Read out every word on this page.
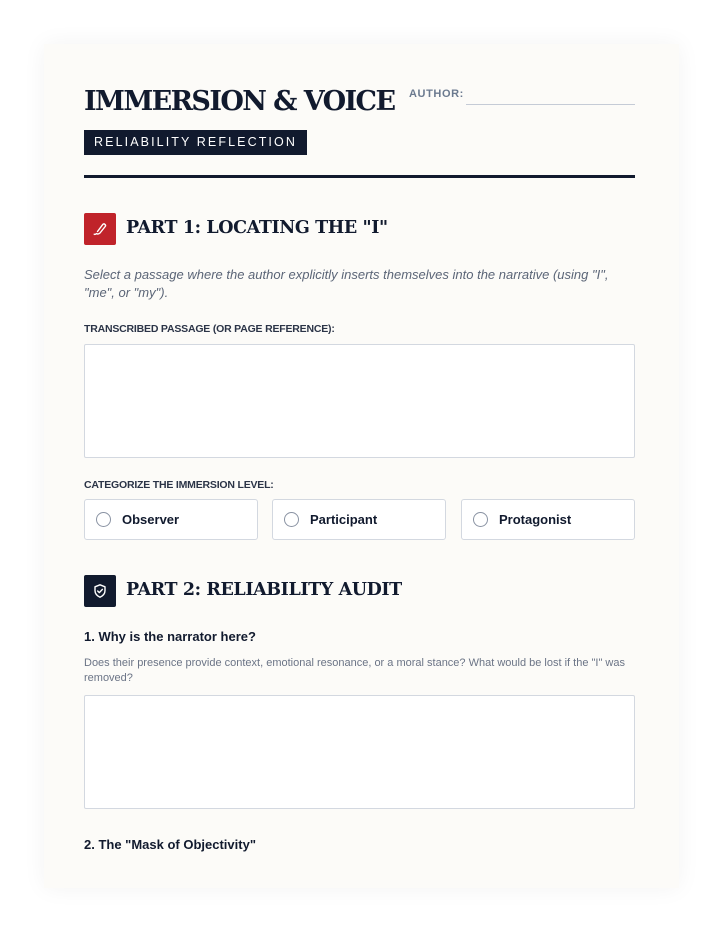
IMMERSION & VOICE AUTHOR:
RELIABILITY REFLECTION
PART 1: LOCATING THE "I"
Select a passage where the author explicitly inserts themselves into the narrative (using "I", "me", or "my").
TRANSCRIBED PASSAGE (OR PAGE REFERENCE):
CATEGORIZE THE IMMERSION LEVEL:
Observer	Participant	Protagonist
PART 2: RELIABILITY AUDIT
1. Why is the narrator here?
Does their presence provide context, emotional resonance, or a moral stance? What would be lost if the "I" was removed?
2. The "Mask of Objectivity"
